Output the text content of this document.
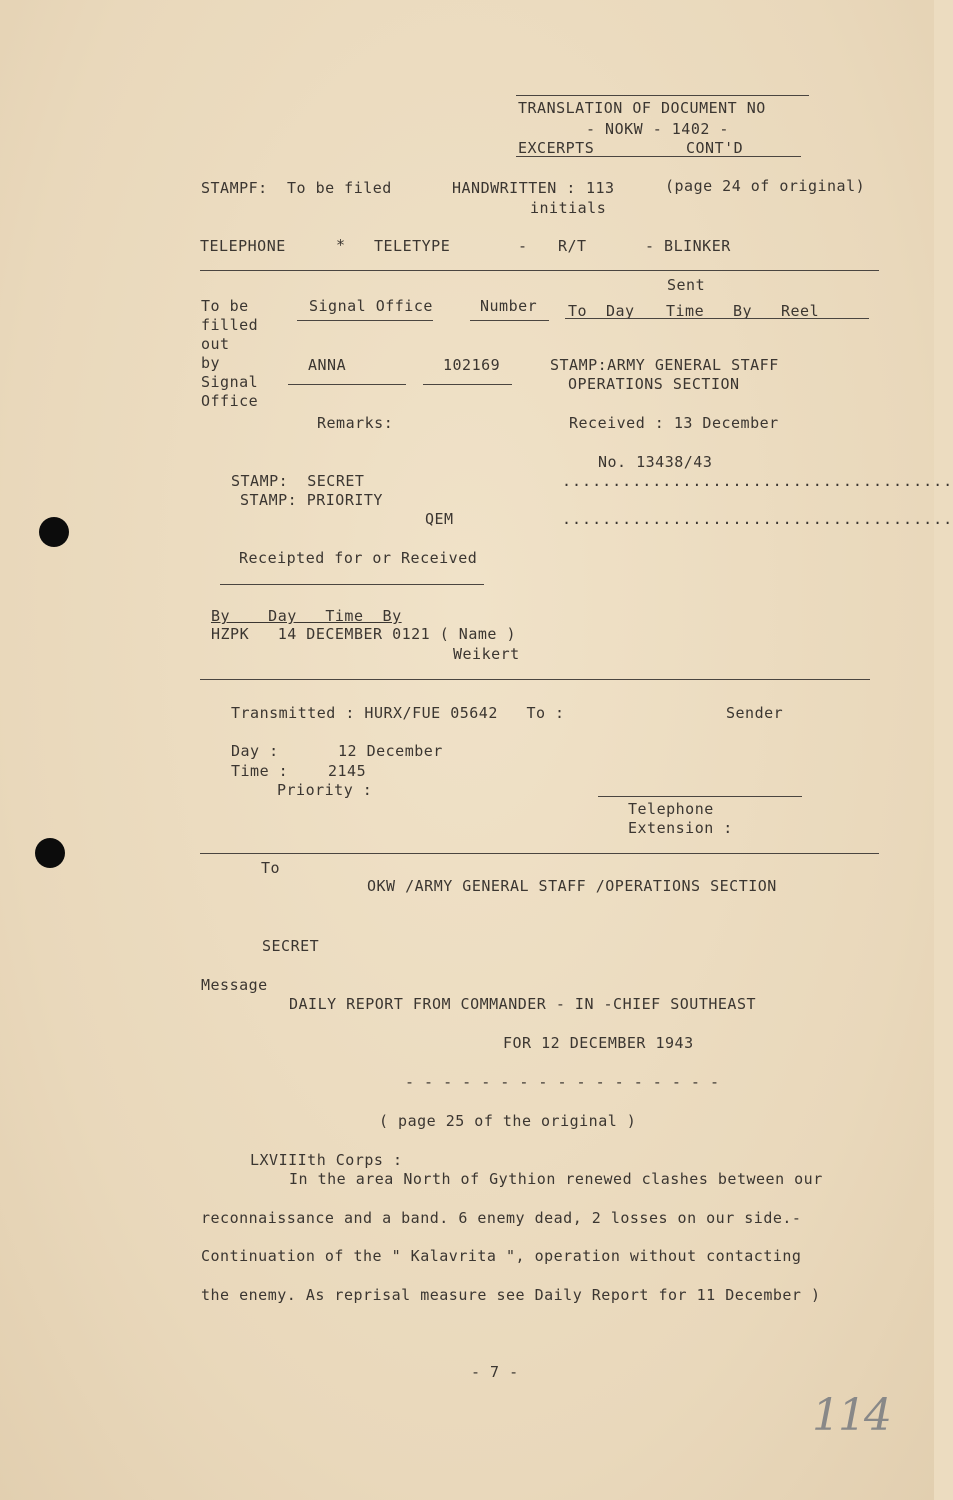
TRANSLATION OF DOCUMENT NO
- NOKW - 1402 -
EXCERPTS	CONT'D
STAMPF: To be filed	HANDWRITTEN : 113
initials
(page 24 of original)
TELEPHONE	* TELETYPE	- R/T	- BLINKER
To be
filled
out
by
Signal
Office
Signal Office	Number
Sent
To Day Time By Reel
ANNA	102169	STAMP:ARMY GENERAL STAFF
OPERATIONS SECTION
Remarks:	Received : 13 December
No. 13438/43
.......................................
.......................................
STAMP:  SECRET
STAMP: PRIORITY
QEM
Receipted for or Received
By    Day   Time  By
HZPK   14 DECEMBER 0121 ( Name )
Weikert
Transmitted : HURX/FUE 05642   To :	Sender
Day :	12 December
Time :	2145
Priority :
Telephone
Extension :
To
OKW /ARMY GENERAL STAFF /OPERATIONS SECTION
SECRET
Message
DAILY REPORT FROM COMMANDER - IN -CHIEF SOUTHEAST
FOR 12 DECEMBER 1943
- - - - - - - - - - - - - - - - -
( page 25 of the original )
LXVIIIth Corps :
In the area North of Gythion renewed clashes between our
reconnaissance and a band. 6 enemy dead, 2 losses on our side.-
Continuation of the " Kalavrita ", operation without contacting
the enemy. As reprisal measure see Daily Report for 11 December )
- 7 -
114
